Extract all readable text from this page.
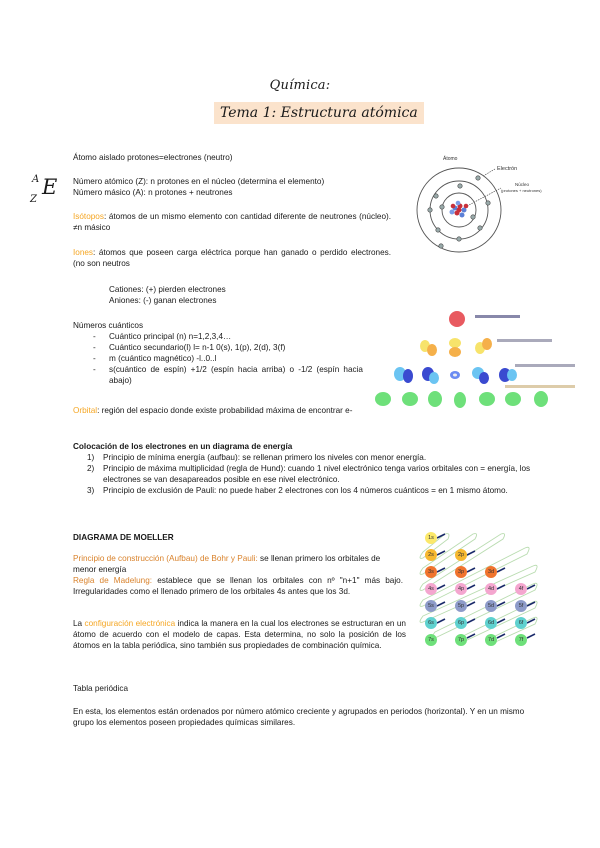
Química:
Tema 1: Estructura atómica
Átomo aislado protones=electrones (neutro)
A
Z
E Número atómico (Z): n protones en el núcleo (determina el elemento)
Número másico (A): n protones + neutrones
Isótopos: átomos de un mismo elemento con cantidad diferente de neutrones (núcleo). ≠n másico
Iones: átomos que poseen carga eléctrica porque han ganado o perdido electrones. (no son neutros
Cationes: (+) pierden electrones
Aniones: (-) ganan electrones
Números cuánticos
- Cuántico principal (n) n=1,2,3,4…
- Cuántico secundario(l) l= n-1 0(s), 1(p), 2(d), 3(f)
- m (cuántico magnético) -l..0..l
- s(cuántico de espín) +1/2 (espín hacia arriba) o -1/2 (espín hacia abajo)
Orbital: región del espacio donde existe probabilidad máxima de encontrar e-
Colocación de los electrones en un diagrama de energía
1) Principio de mínima energía (aufbau): se rellenan primero los niveles con menor energía.
2) Principio de máxima multiplicidad (regla de Hund): cuando 1 nivel electrónico tenga varios orbitales con = energía, los electrones se van desapareados posible en ese nivel electrónico.
3) Principio de exclusión de Pauli: no puede haber 2 electrones con los 4 números cuánticos = en 1 mismo átomo.
DIAGRAMA DE MOELLER
Principio de construcción (Aufbau) de Bohr y Pauli: se llenan primero los orbitales de menor energía
Regla de Madelung: establece que se llenan los orbitales con nº "n+1" más bajo. Irregularidades como el llenado primero de los orbitales 4s antes que los 3d.
La configuración electrónica indica la manera en la cual los electrones se estructuran en un átomo de acuerdo con el modelo de capas. Esta determina, no solo la posición de los átomos en la tabla periódica, sino también sus propiedades de combinación química.
Tabla periódica
En esta, los elementos están ordenados por número atómico creciente y agrupados en periodos (horizontal). Y en un mismo grupo los elementos poseen propiedades químicas similares.
Átomo
Electrón
Núcleo
(protones + neutrones)
1s
2s	2p
3s	3p	3d
4s	4p	4d	4f
5s	5p	5d	5f
6s	6p	6d	6f
7s	7p	7d	7f
